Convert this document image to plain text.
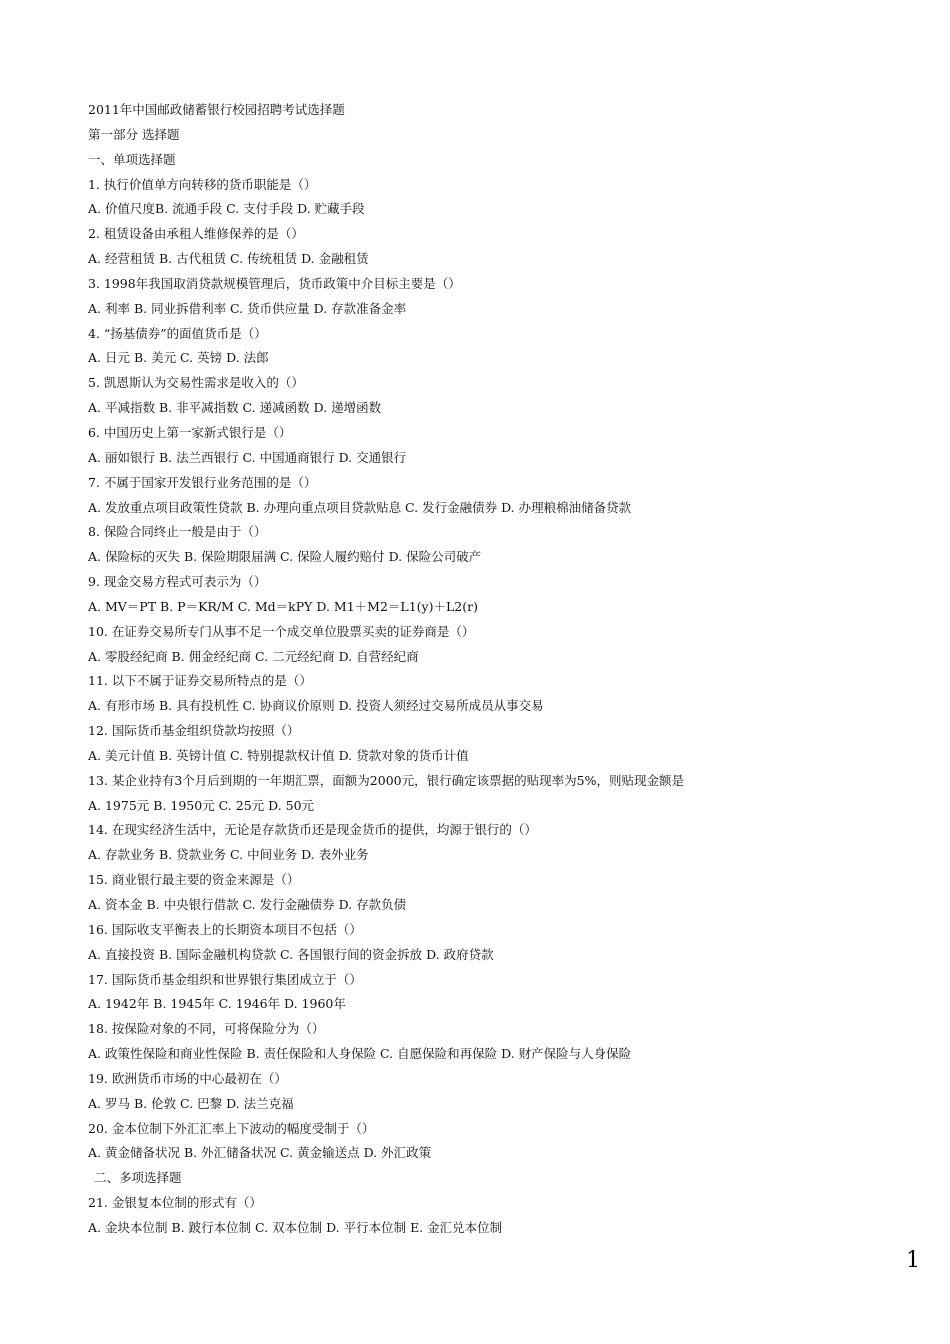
2011年中国邮政储蓄银行校园招聘考试选择题
第一部分 选择题
一、单项选择题
1. 执行价值单方向转移的货币职能是（）
A. 价值尺度B. 流通手段 C. 支付手段 D. 贮藏手段
2. 租赁设备由承租人维修保养的是（）
A. 经营租赁 B. 古代租赁 C. 传统租赁 D. 金融租赁
3. 1998年我国取消贷款规模管理后，货币政策中介目标主要是（）
A. 利率 B. 同业拆借利率 C. 货币供应量 D. 存款准备金率
4. “扬基债券”的面值货币是（）
A. 日元 B. 美元 C. 英镑 D. 法郎
5. 凯恩斯认为交易性需求是收入的（）
A. 平减指数 B. 非平减指数 C. 递减函数 D. 递增函数
6. 中国历史上第一家新式银行是（）
A. 丽如银行 B. 法兰西银行 C. 中国通商银行 D. 交通银行
7. 不属于国家开发银行业务范围的是（）
A. 发放重点项目政策性贷款 B. 办理向重点项目贷款贴息 C. 发行金融债券 D. 办理粮棉油储备贷款
8. 保险合同终止一般是由于（）
A. 保险标的灭失 B. 保险期限届满 C. 保险人履约赔付 D. 保险公司破产
9. 现金交易方程式可表示为（）
A. MV＝PT B. P＝KR/M C. Md＝kPY D. M1＋M2＝L1(y)＋L2(r)
10. 在证券交易所专门从事不足一个成交单位股票买卖的证券商是（）
A. 零股经纪商 B. 佣金经纪商 C. 二元经纪商 D. 自营经纪商
11. 以下不属于证券交易所特点的是（）
A. 有形市场 B. 具有投机性 C. 协商议价原则 D. 投资人须经过交易所成员从事交易
12. 国际货币基金组织贷款均按照（）
A. 美元计值 B. 英镑计值 C. 特别提款权计值 D. 贷款对象的货币计值
13. 某企业持有3个月后到期的一年期汇票，面额为2000元，银行确定该票据的贴现率为5%，则贴现金额是
A. 1975元 B. 1950元 C. 25元 D. 50元
14. 在现实经济生活中，无论是存款货币还是现金货币的提供，均源于银行的（）
A. 存款业务 B. 贷款业务 C. 中间业务 D. 表外业务
15. 商业银行最主要的资金来源是（）
A. 资本金 B. 中央银行借款 C. 发行金融债券 D. 存款负债
16. 国际收支平衡表上的长期资本项目不包括（）
A. 直接投资 B. 国际金融机构贷款 C. 各国银行间的资金拆放 D. 政府贷款
17. 国际货币基金组织和世界银行集团成立于（）
A. 1942年 B. 1945年 C. 1946年 D. 1960年
18. 按保险对象的不同，可将保险分为（）
A. 政策性保险和商业性保险 B. 责任保险和人身保险 C. 自愿保险和再保险 D. 财产保险与人身保险
19. 欧洲货币市场的中心最初在（）
A. 罗马 B. 伦敦 C. 巴黎 D. 法兰克福
20. 金本位制下外汇汇率上下波动的幅度受制于（）
A. 黄金储备状况 B. 外汇储备状况 C. 黄金输送点 D. 外汇政策
二、多项选择题
21. 金银复本位制的形式有（）
A. 金块本位制 B. 跛行本位制 C. 双本位制 D. 平行本位制 E. 金汇兑本位制
1
